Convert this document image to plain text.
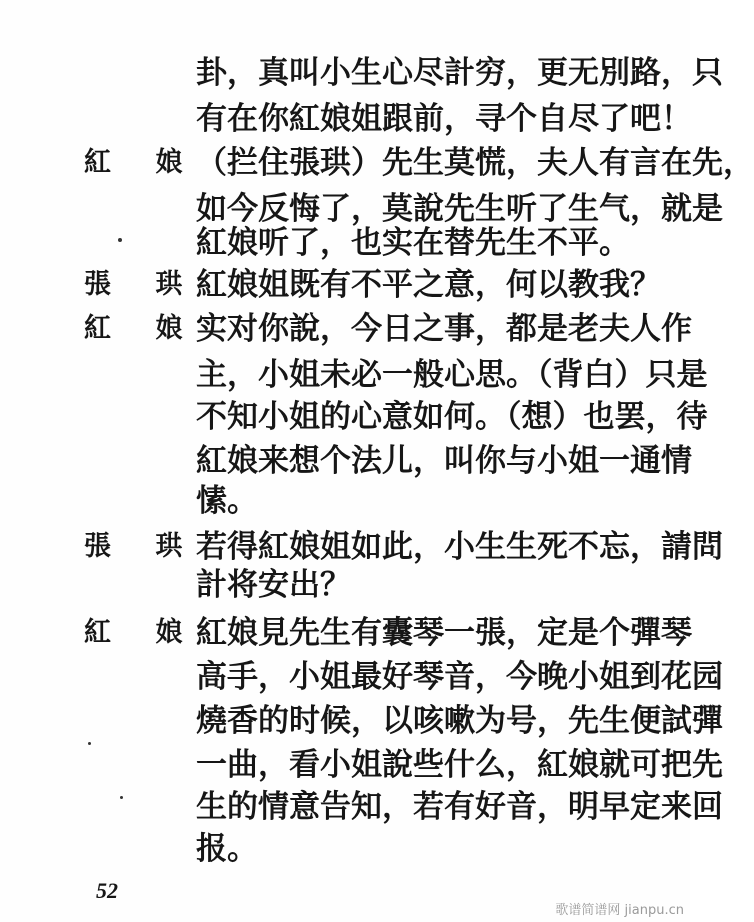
卦，真叫小生心尽計穷，更无別路，只
有在你紅娘姐跟前，寻个自尽了吧！
紅 娘
（拦住張珙）先生莫慌，夫人有言在先，
如今反悔了，莫說先生听了生气，就是
紅娘听了，也实在替先生不平。
張 珙
紅娘姐既有不平之意，何以教我？
紅 娘
实对你說，今日之事，都是老夫人作
主，小姐未必一般心思。（背白）只是
不知小姐的心意如何。（想）也罢，待
紅娘来想个法儿，叫你与小姐一通情
愫。
張 珙
若得紅娘姐如此，小生生死不忘，請問
計将安出？
紅 娘
紅娘見先生有囊琴一張，定是个彈琴
高手，小姐最好琴音，今晚小姐到花园
燒香的时候，以咳嗽为号，先生便試彈
一曲，看小姐說些什么，紅娘就可把先
生的情意告知，若有好音，明早定来回
报。
52
歌谱简谱网 jianpu.cn
